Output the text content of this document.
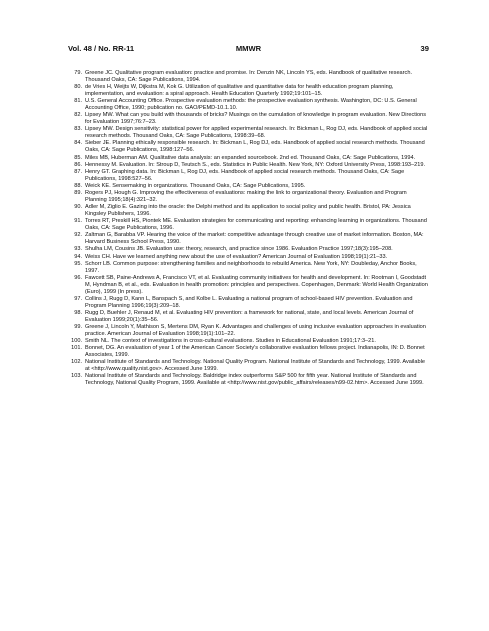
Vol. 48 / No. RR-11	MMWR	39
79. Greene JC. Qualitative program evaluation: practice and promise. In: Denzin NK, Lincoln YS, eds. Handbook of qualitative research. Thousand Oaks, CA: Sage Publications, 1994.
80. de Vries H, Weijts W, Dijkstra M, Kok G. Utilization of qualitative and quantitative data for health education program planning, implementation, and evaluation: a spiral approach. Health Education Quarterly 1992;19:101–15.
81. U.S. General Accounting Office. Prospective evaluation methods: the prospective evaluation synthesis. Washington, DC: U.S. General Accounting Office, 1990; publication no. GAO/PEMD-10.1.10.
82. Lipsey MW. What can you build with thousands of bricks? Musings on the cumulation of knowledge in program evaluation. New Directions for Evaluation 1997;76:7–23.
83. Lipsey MW. Design sensitivity: statistical power for applied experimental research. In: Bickman L, Rog DJ, eds. Handbook of applied social research methods. Thousand Oaks, CA: Sage Publications, 1998:39–68.
84. Sieber JE. Planning ethically responsible research. In: Bickman L, Rog DJ, eds. Handbook of applied social research methods. Thousand Oaks, CA: Sage Publications, 1998:127–56.
85. Miles MB, Huberman AM. Qualitative data analysis: an expanded sourcebook. 2nd ed. Thousand Oaks, CA: Sage Publications, 1994.
86. Hennessy M. Evaluation. In: Stroup D, Teutsch S., eds. Statistics in Public Health. New York, NY: Oxford University Press, 1998:193–219.
87. Henry GT. Graphing data. In: Bickman L, Rog DJ, eds. Handbook of applied social research methods. Thousand Oaks, CA: Sage Publications, 1998:527–56.
88. Weick KE. Sensemaking in organizations. Thousand Oaks, CA: Sage Publications, 1995.
89. Rogers PJ, Hough G. Improving the effectiveness of evaluations: making the link to organizational theory. Evaluation and Program Planning 1995;18(4):321–32.
90. Adler M, Ziglio E. Gazing into the oracle: the Delphi method and its application to social policy and public health. Bristol, PA: Jessica Kingsley Publishers, 1996.
91. Torres RT, Preskill HS, Piontek ME. Evaluation strategies for communicating and reporting: enhancing learning in organizations. Thousand Oaks, CA: Sage Publications, 1996.
92. Zaltman G, Barabba VP. Hearing the voice of the market: competitive advantage through creative use of market information. Boston, MA: Harvard Business School Press, 1990.
93. Shulha LM, Cousins JB. Evaluation use: theory, research, and practice since 1986. Evaluation Practice 1997;18(3):195–208.
94. Weiss CH. Have we learned anything new about the use of evaluation? American Journal of Evaluation 1998;19(1):21–33.
95. Schorr LB. Common purpose: strengthening families and neighborhoods to rebuild America. New York, NY: Doubleday, Anchor Books, 1997.
96. Fawcett SB, Paine-Andrews A, Francisco VT, et al. Evaluating community initiatives for health and development. In: Rootman I, Goodstadt M, Hyndman B, et al., eds. Evaluation in health promotion: principles and perspectives. Copenhagen, Denmark: World Health Organization (Euro), 1999 (In press).
97. Collins J, Rugg D, Kann L, Banspach S, and Kolbe L. Evaluating a national program of school-based HIV prevention. Evaluation and Program Planning 1996;19(3):209–18.
98. Rugg D, Buehler J, Renaud M, et al. Evaluating HIV prevention: a framework for national, state, and local levels. American Journal of Evaluation 1999;20(1):35–56.
99. Greene J, Lincoln Y, Mathison S, Mertens DM, Ryan K. Advantages and challenges of using inclusive evaluation approaches in evaluation practice. American Journal of Evaluation 1998;19(1):101–22.
100. Smith NL. The context of investigations in cross-cultural evaluations. Studies in Educational Evaluation 1991;17:3–21.
101. Bonnet, DG. An evaluation of year 1 of the American Cancer Society's collaborative evaluation fellows project. Indianapolis, IN: D. Bonnet Associates, 1999.
102. National Institute of Standards and Technology. National Quality Program. National Institute of Standards and Technology, 1999. Available at <http://www.quality.nist.gov>. Accessed June 1999.
103. National Institute of Standards and Technology. Baldridge index outperforms S&P 500 for fifth year. National Institute of Standards and Technology, National Quality Program, 1999. Available at <http://www.nist.gov/public_affairs/releases/n99-02.htm>. Accessed June 1999.
